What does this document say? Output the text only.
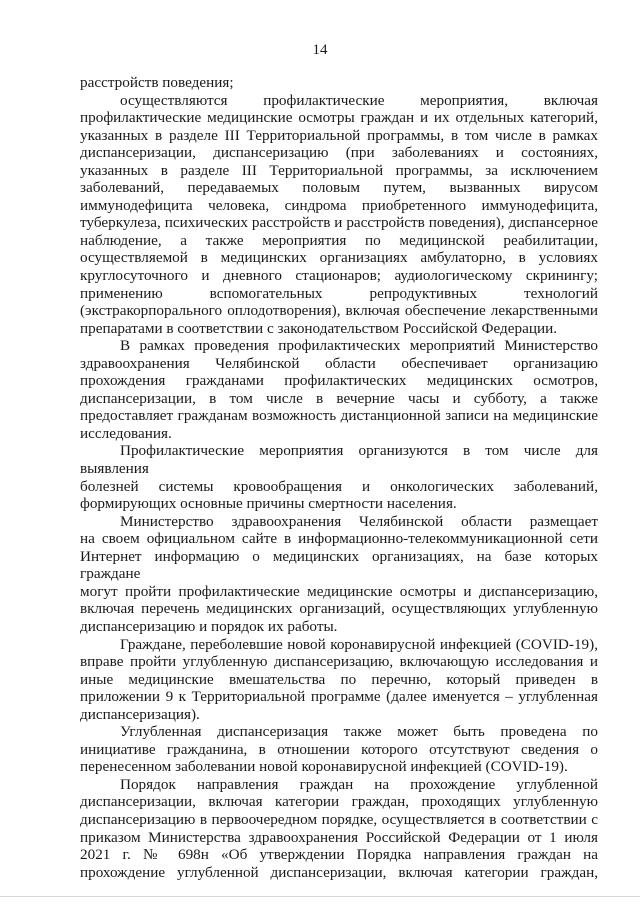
14

расстройств поведения;

осуществляются профилактические мероприятия, включая

профилактические медицинские осмотры граждан и их отдельных категорий,

указанных в разделе III Территориальной программы, в том числе в рамках

диспансеризации, диспансеризацию (при заболеваниях и состояниях,

указанных в разделе III Территориальной программы, за исключением

заболеваний, передаваемых половым путем, вызванных вирусом

иммунодефицита человека, синдрома приобретенного иммунодефицита,

туберкулеза, психических расстройств и расстройств поведения), диспансерное

наблюдение, а также мероприятия по медицинской реабилитации,

осуществляемой в медицинских организациях амбулаторно, в условиях

круглосуточного и дневного стационаров; аудиологическому скринингу;

применению вспомогательных репродуктивных технологий

(экстракорпорального оплодотворения), включая обеспечение лекарственными

препаратами в соответствии с законодательством Российской Федерации.

В рамках проведения профилактических мероприятий Министерство

здравоохранения Челябинской области обеспечивает организацию

прохождения гражданами профилактических медицинских осмотров,

диспансеризации, в том числе в вечерние часы и субботу, а также

предоставляет гражданам возможность дистанционной записи на медицинские

исследования.

Профилактические мероприятия организуются в том числе для выявления

болезней системы кровообращения и онкологических заболеваний,

формирующих основные причины смертности населения.

Министерство здравоохранения Челябинской области размещает

на своем официальном сайте в информационно-телекоммуникационной сети

Интернет информацию о медицинских организациях, на базе которых граждане

могут пройти профилактические медицинские осмотры и диспансеризацию,

включая перечень медицинских организаций, осуществляющих углубленную

диспансеризацию и порядок их работы.

Граждане, переболевшие новой коронавирусной инфекцией (COVID-19),

вправе пройти углубленную диспансеризацию, включающую исследования и

иные медицинские вмешательства по перечню, который приведен в

приложении 9 к Территориальной программе (далее именуется – углубленная

диспансеризация).

Углубленная диспансеризация также может быть проведена по

инициативе гражданина, в отношении которого отсутствуют сведения о

перенесенном заболевании новой коронавирусной инфекцией (COVID-19).

Порядок направления граждан на прохождение углубленной

диспансеризации, включая категории граждан, проходящих углубленную

диспансеризацию в первоочередном порядке, осуществляется в соответствии с

приказом Министерства здравоохранения Российской Федерации от 1 июля

2021 г. № 698н «Об утверждении Порядка направления граждан на

прохождение углубленной диспансеризации, включая категории граждан,
